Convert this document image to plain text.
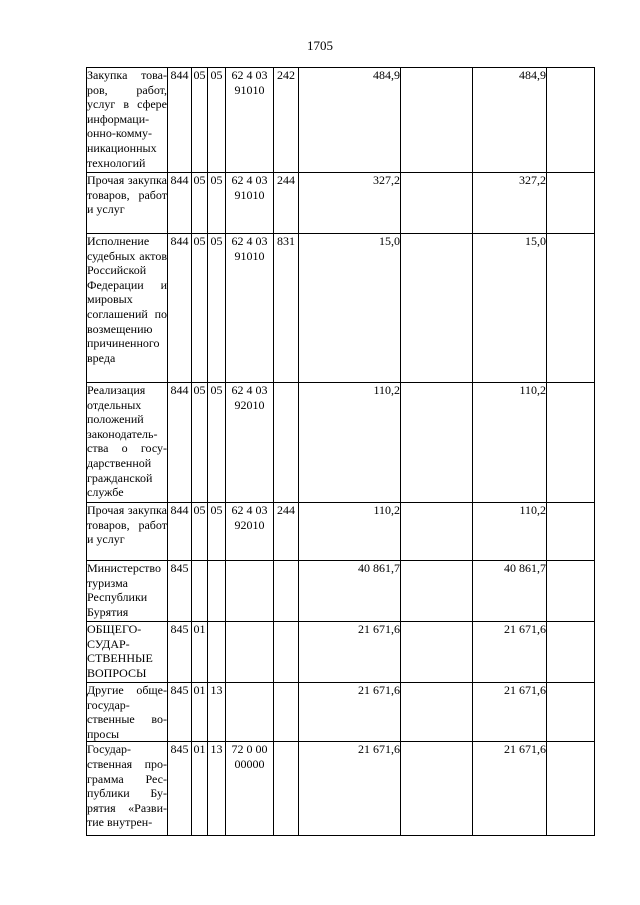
1705
Закупка товаров, работ, услуг в сфере информационно-коммуникационных технологий	844	05	05	62 4 03 91010	242	484,9		484,9	
Прочая закупка товаров, работ и услуг	844	05	05	62 4 03 91010	244	327,2		327,2	
Исполнение судебных актов Российской Федерации и мировых соглашений по возмещению причиненного вреда	844	05	05	62 4 03 91010	831	15,0		15,0	
Реализация отдельных положений законодательства о государственной гражданской службе	844	05	05	62 4 03 92010		110,2		110,2	
Прочая закупка товаров, работ и услуг	844	05	05	62 4 03 92010	244	110,2		110,2	
Министерство туризма Республики Бурятия	845					40 861,7		40 861,7	
ОБЩЕГОСУДАРСТВЕННЫЕ ВОПРОСЫ	845	01				21 671,6		21 671,6	
Другие общегосударственные вопросы	845	01	13			21 671,6		21 671,6	
Государственная программа Республики Бурятия «Развитие внутрен-	845	01	13	72 0 00 00000		21 671,6		21 671,6	
